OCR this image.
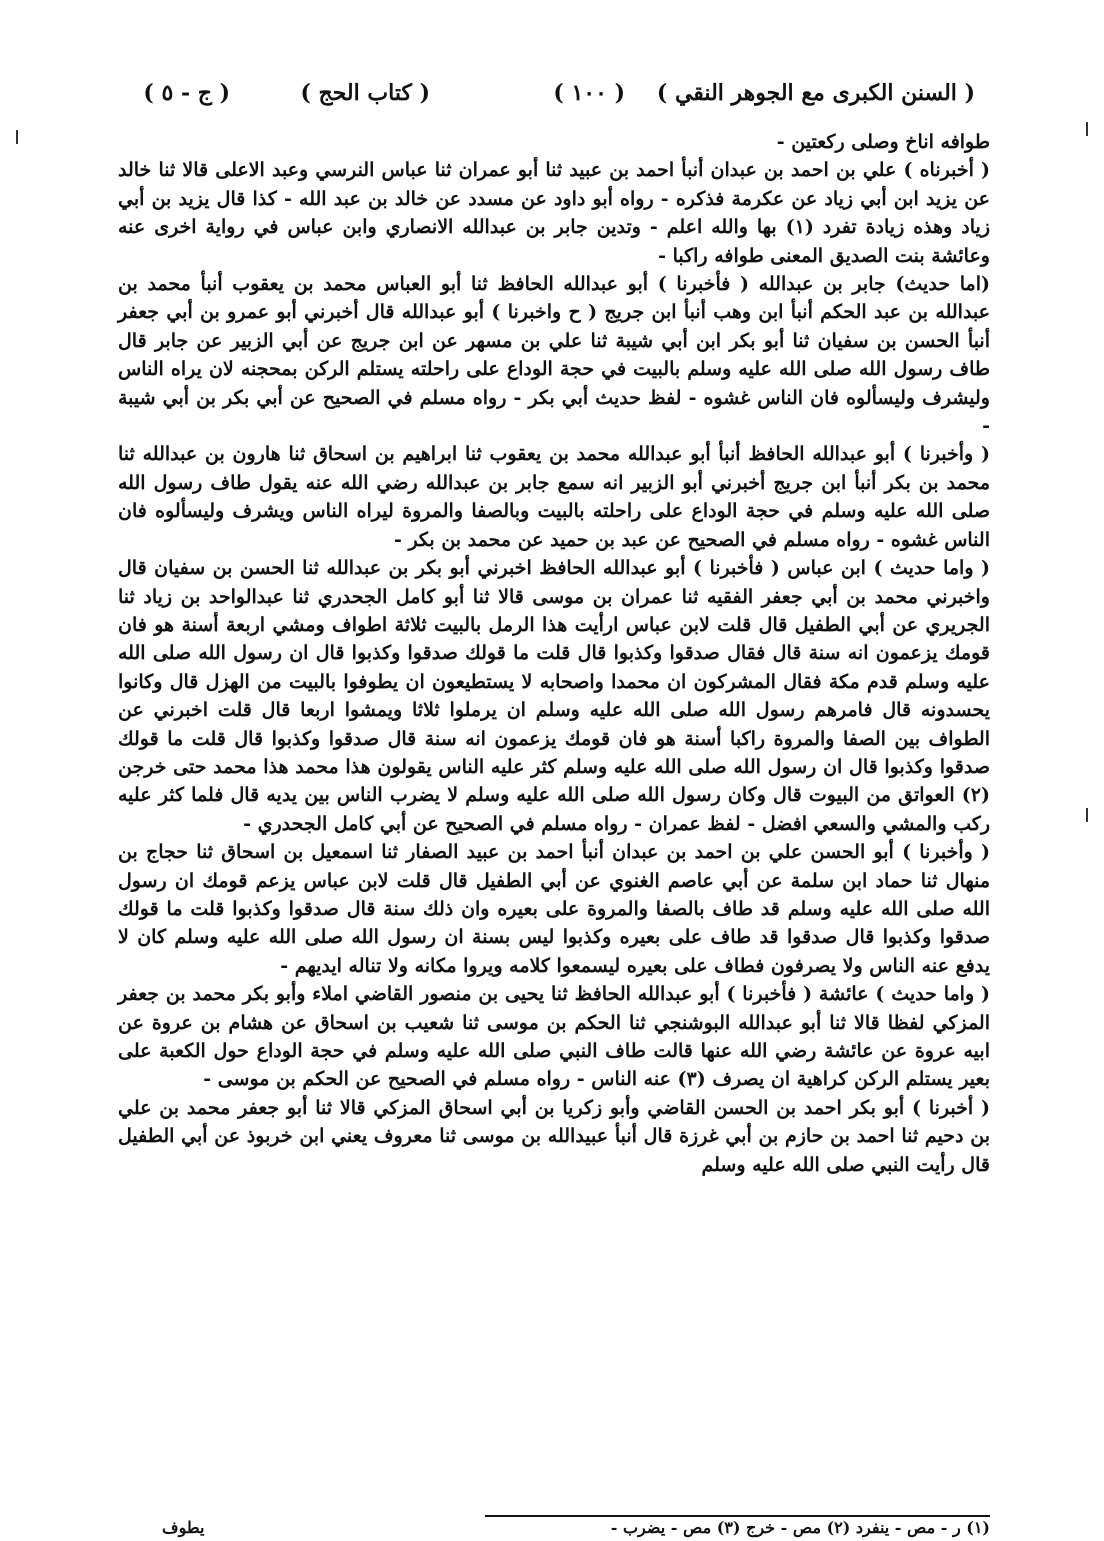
( السنن الكبرى مع الجوهر النقي )
( ١٠٠ )
( كتاب الحج )
( ج - ٥ )

طوافه اناخ وصلى ركعتين -

( أخبرناه ) علي بن احمد بن عبدان أنبأ احمد بن عبيد ثنا أبو عمران ثنا عباس النرسي وعبد الاعلى قالا ثنا خالد عن يزيد ابن أبي زياد عن عكرمة فذكره - رواه أبو داود عن مسدد عن خالد بن عبد الله - كذا قال يزيد بن أبي زياد وهذه زيادة تفرد (١) بها والله اعلم - وتدين جابر بن عبدالله الانصاري وابن عباس في رواية اخرى عنه وعائشة بنت الصديق المعنى طوافه راكبا -

(اما حديث) جابر بن عبدالله ( فأخبرنا ) أبو عبدالله الحافظ ثنا أبو العباس محمد بن يعقوب أنبأ محمد بن عبدالله بن عبد الحكم أنبأ ابن وهب أنبأ ابن جريج ( ح واخبرنا ) أبو عبدالله قال أخبرني أبو عمرو بن أبي جعفر أنبأ الحسن بن سفيان ثنا أبو بكر ابن أبي شيبة ثنا علي بن مسهر عن ابن جريج عن أبي الزبير عن جابر قال طاف رسول الله صلى الله عليه وسلم بالبيت في حجة الوداع على راحلته يستلم الركن بمحجنه لان يراه الناس وليشرف وليسألوه فان الناس غشوه - لفظ حديث أبي بكر - رواه مسلم في الصحيح عن أبي بكر بن أبي شيبة -

( وأخبرنا ) أبو عبدالله الحافظ أنبأ أبو عبدالله محمد بن يعقوب ثنا ابراهيم بن اسحاق ثنا هارون بن عبدالله ثنا محمد بن بكر أنبأ ابن جريج أخبرني أبو الزبير انه سمع جابر بن عبدالله رضي الله عنه يقول طاف رسول الله صلى الله عليه وسلم في حجة الوداع على راحلته بالبيت وبالصفا والمروة ليراه الناس ويشرف وليسألوه فان الناس غشوه - رواه مسلم في الصحيح عن عبد بن حميد عن محمد بن بكر -

( واما حديث ) ابن عباس ( فأخبرنا ) أبو عبدالله الحافظ اخبرني أبو بكر بن عبدالله ثنا الحسن بن سفيان قال واخبرني محمد بن أبي جعفر الفقيه ثنا عمران بن موسى قالا ثنا أبو كامل الجحدري ثنا عبدالواحد بن زياد ثنا الجريري عن أبي الطفيل قال قلت لابن عباس ارأيت هذا الرمل بالبيت ثلاثة اطواف ومشي اربعة أسنة هو فان قومك يزعمون انه سنة قال فقال صدقوا وكذبوا قال قلت ما قولك صدقوا وكذبوا قال ان رسول الله صلى الله عليه وسلم قدم مكة فقال المشركون ان محمدا واصحابه لا يستطيعون ان يطوفوا بالبيت من الهزل قال وكانوا يحسدونه قال فامرهم رسول الله صلى الله عليه وسلم ان يرملوا ثلاثا ويمشوا اربعا قال قلت اخبرني عن الطواف بين الصفا والمروة راكبا أسنة هو فان قومك يزعمون انه سنة قال صدقوا وكذبوا قال قلت ما قولك صدقوا وكذبوا قال ان رسول الله صلى الله عليه وسلم كثر عليه الناس يقولون هذا محمد هذا محمد حتى خرجن (٢) العواتق من البيوت قال وكان رسول الله صلى الله عليه وسلم لا يضرب الناس بين يديه قال فلما كثر عليه ركب والمشي والسعي افضل - لفظ عمران - رواه مسلم في الصحيح عن أبي كامل الجحدري -

( وأخبرنا ) أبو الحسن علي بن احمد بن عبدان أنبأ احمد بن عبيد الصفار ثنا اسمعيل بن اسحاق ثنا حجاج بن منهال ثنا حماد ابن سلمة عن أبي عاصم الغنوي عن أبي الطفيل قال قلت لابن عباس يزعم قومك ان رسول الله صلى الله عليه وسلم قد طاف بالصفا والمروة على بعيره وان ذلك سنة قال صدقوا وكذبوا قلت ما قولك صدقوا وكذبوا قال صدقوا قد طاف على بعيره وكذبوا ليس بسنة ان رسول الله صلى الله عليه وسلم كان لا يدفع عنه الناس ولا يصرفون فطاف على بعيره ليسمعوا كلامه ويروا مكانه ولا تناله ايديهم -

( واما حديث ) عائشة ( فأخبرنا ) أبو عبدالله الحافظ ثنا يحيى بن منصور القاضي املاء وأبو بكر محمد بن جعفر المزكي لفظا قالا ثنا أبو عبدالله البوشنجي ثنا الحكم بن موسى ثنا شعيب بن اسحاق عن هشام بن عروة عن ابيه عروة عن عائشة رضي الله عنها قالت طاف النبي صلى الله عليه وسلم في حجة الوداع حول الكعبة على بعير يستلم الركن كراهية ان يصرف (٣) عنه الناس - رواه مسلم في الصحيح عن الحكم بن موسى -

( أخبرنا ) أبو بكر احمد بن الحسن القاضي وأبو زكريا بن أبي اسحاق المزكي قالا ثنا أبو جعفر محمد بن علي بن دحيم ثنا احمد بن حازم بن أبي غرزة قال أنبأ عبيدالله بن موسى ثنا معروف يعني ابن خربوذ عن أبي الطفيل قال رأيت النبي صلى الله عليه وسلم

(١) ر - مص - ينفرد (٢) مص - خرج (٣) مص - يضرب -
يطوف
